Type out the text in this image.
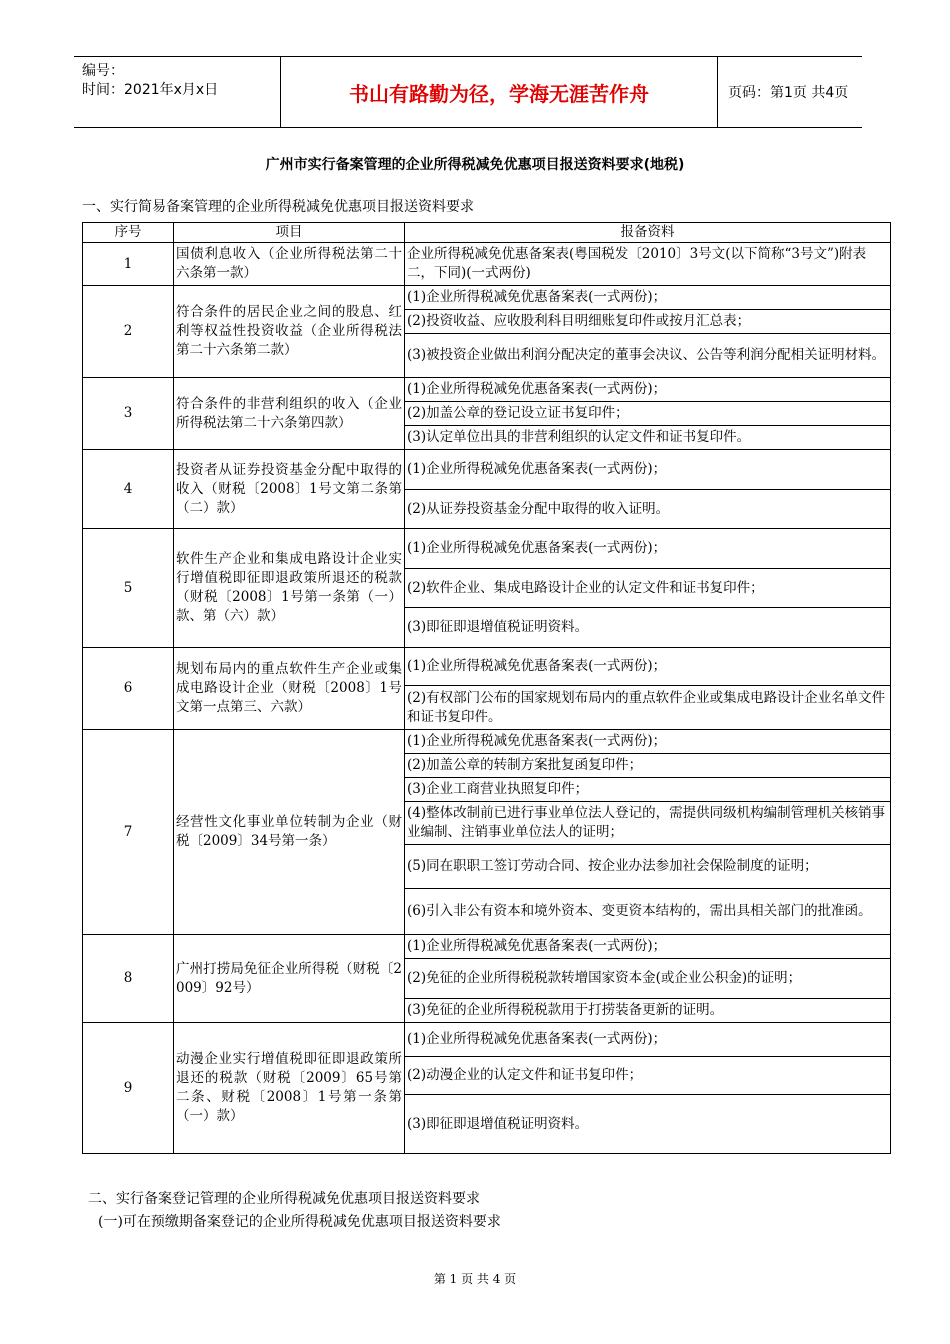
编号：
时间：2021年x月x日	书山有路勤为径，学海无涯苦作舟	页码：第1页 共4页
广州市实行备案管理的企业所得税减免优惠项目报送资料要求(地税)
一、实行简易备案管理的企业所得税减免优惠项目报送资料要求
序号	项目	报备资料
1	国债利息收入（企业所得税法第二十六条第一款）	企业所得税减免优惠备案表(粤国税发〔2010〕3号文(以下简称“3号文”)附表二，下同)(一式两份)
2	符合条件的居民企业之间的股息、红利等权益性投资收益（企业所得税法第二十六条第二款）	(1)企业所得税减免优惠备案表(一式两份)；
		(2)投资收益、应收股利科目明细账复印件或按月汇总表；
		(3)被投资企业做出利润分配决定的董事会决议、公告等利润分配相关证明材料。
3	符合条件的非营利组织的收入（企业所得税法第二十六条第四款）	(1)企业所得税减免优惠备案表(一式两份)；
		(2)加盖公章的登记设立证书复印件；
		(3)认定单位出具的非营利组织的认定文件和证书复印件。
4	投资者从证券投资基金分配中取得的收入（财税〔2008〕1号文第二条第（二）款）	(1)企业所得税减免优惠备案表(一式两份)；
		(2)从证券投资基金分配中取得的收入证明。
5	软件生产企业和集成电路设计企业实行增值税即征即退政策所退还的税款（财税〔2008〕1号第一条第（一）款、第（六）款）	(1)企业所得税减免优惠备案表(一式两份)；
		(2)软件企业、集成电路设计企业的认定文件和证书复印件；
		(3)即征即退增值税证明资料。
6	规划布局内的重点软件生产企业或集成电路设计企业（财税〔2008〕1号文第一点第三、六款）	(1)企业所得税减免优惠备案表(一式两份)；
		(2)有权部门公布的国家规划布局内的重点软件企业或集成电路设计企业名单文件和证书复印件。
7	经营性文化事业单位转制为企业（财税〔2009〕34号第一条）	(1)企业所得税减免优惠备案表(一式两份)；
		(2)加盖公章的转制方案批复函复印件；
		(3)企业工商营业执照复印件；
		(4)整体改制前已进行事业单位法人登记的，需提供同级机构编制管理机关核销事业编制、注销事业单位法人的证明；
		(5)同在职职工签订劳动合同、按企业办法参加社会保险制度的证明；
		(6)引入非公有资本和境外资本、变更资本结构的，需出具相关部门的批准函。
8	广州打捞局免征企业所得税（财税〔2009〕92号）	(1)企业所得税减免优惠备案表(一式两份)；
		(2)免征的企业所得税税款转增国家资本金(或企业公积金)的证明；
		(3)免征的企业所得税税款用于打捞装备更新的证明。
9	动漫企业实行增值税即征即退政策所退还的税款（财税〔2009〕65号第二条、财税〔2008〕1号第一条第（一）款）	(1)企业所得税减免优惠备案表(一式两份)；
		(2)动漫企业的认定文件和证书复印件；
		(3)即征即退增值税证明资料。
二、实行备案登记管理的企业所得税减免优惠项目报送资料要求
(一)可在预缴期备案登记的企业所得税减免优惠项目报送资料要求
第 1 页 共 4 页
